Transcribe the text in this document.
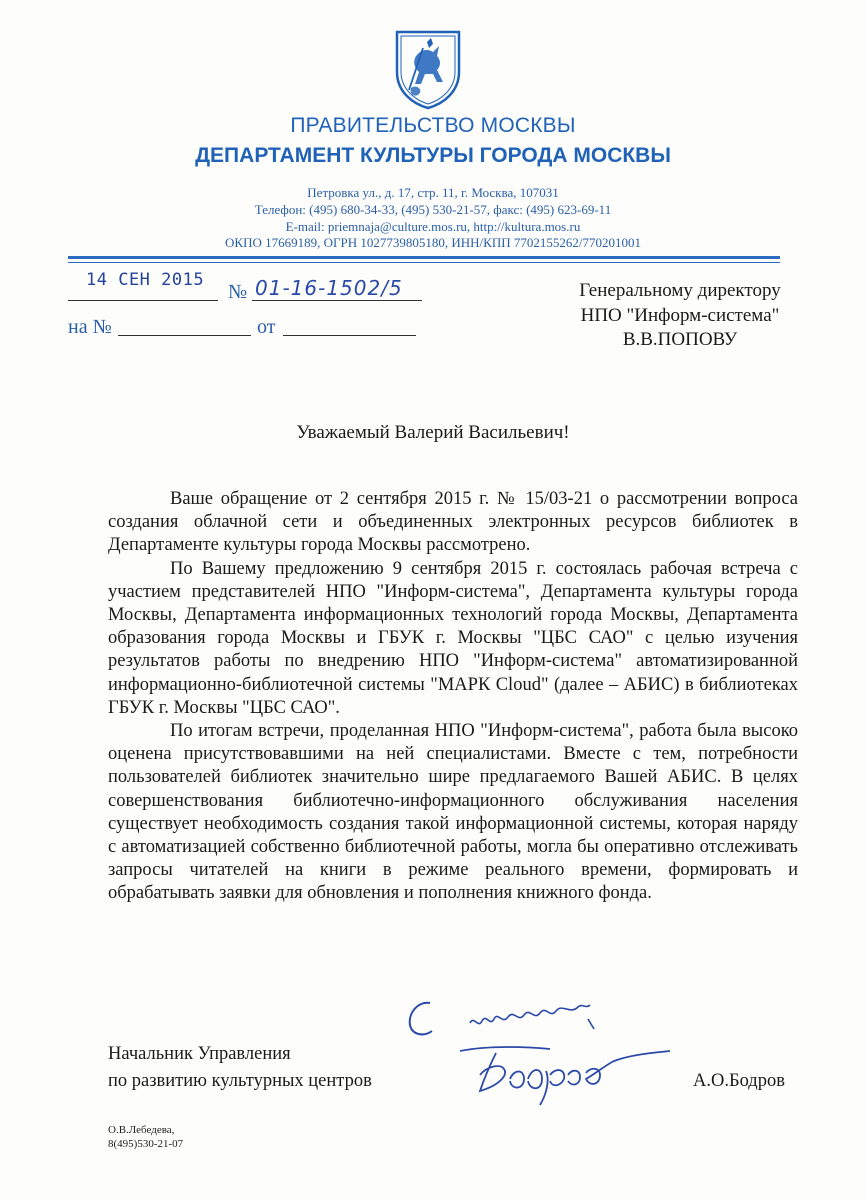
ПРАВИТЕЛЬСТВО МОСКВЫ
ДЕПАРТАМЕНТ КУЛЬТУРЫ ГОРОДА МОСКВЫ
Петровка ул., д. 17, стр. 11, г. Москва, 107031
Телефон: (495) 680-34-33, (495) 530-21-57, факс: (495) 623-69-11
E-mail: priemnaja@culture.mos.ru, http://kultura.mos.ru
ОКПО 17669189, ОГРН 1027739805180, ИНН/КПП 7702155262/770201001
14 СЕН 2015
№ 01-16-1502/5
на №	от
Генеральному директору
НПО "Информ-система"
В.В.ПОПОВУ
Уважаемый Валерий Васильевич!

Ваше обращение от 2 сентября 2015 г. № 15/03-21 о рассмотрении вопроса создания облачной сети и объединенных электронных ресурсов библиотек в Департаменте культуры города Москвы рассмотрено.

По Вашему предложению 9 сентября 2015 г. состоялась рабочая встреча с участием представителей НПО "Информ-система", Департамента культуры города Москвы, Департамента информационных технологий города Москвы, Департамента образования города Москвы и ГБУК г. Москвы "ЦБС САО" с целью изучения результатов работы по внедрению НПО "Информ-система" автоматизированной информационно-библиотечной системы "МАРК Cloud" (далее – АБИС) в библиотеках ГБУК г. Москвы "ЦБС САО".

По итогам встречи, проделанная НПО "Информ-система", работа была высоко оценена присутствовавшими на ней специалистами. Вместе с тем, потребности пользователей библиотек значительно шире предлагаемого Вашей АБИС. В целях совершенствования библиотечно-информационного обслуживания населения существует необходимость создания такой информационной системы, которая наряду с автоматизацией собственно библиотечной работы, могла бы оперативно отслеживать запросы читателей на книги в режиме реального времени, формировать и обрабатывать заявки для обновления и пополнения книжного фонда.

Начальник Управления
по развитию культурных центров	А.О.Бодров
О.В.Лебедева,
8(495)530-21-07
